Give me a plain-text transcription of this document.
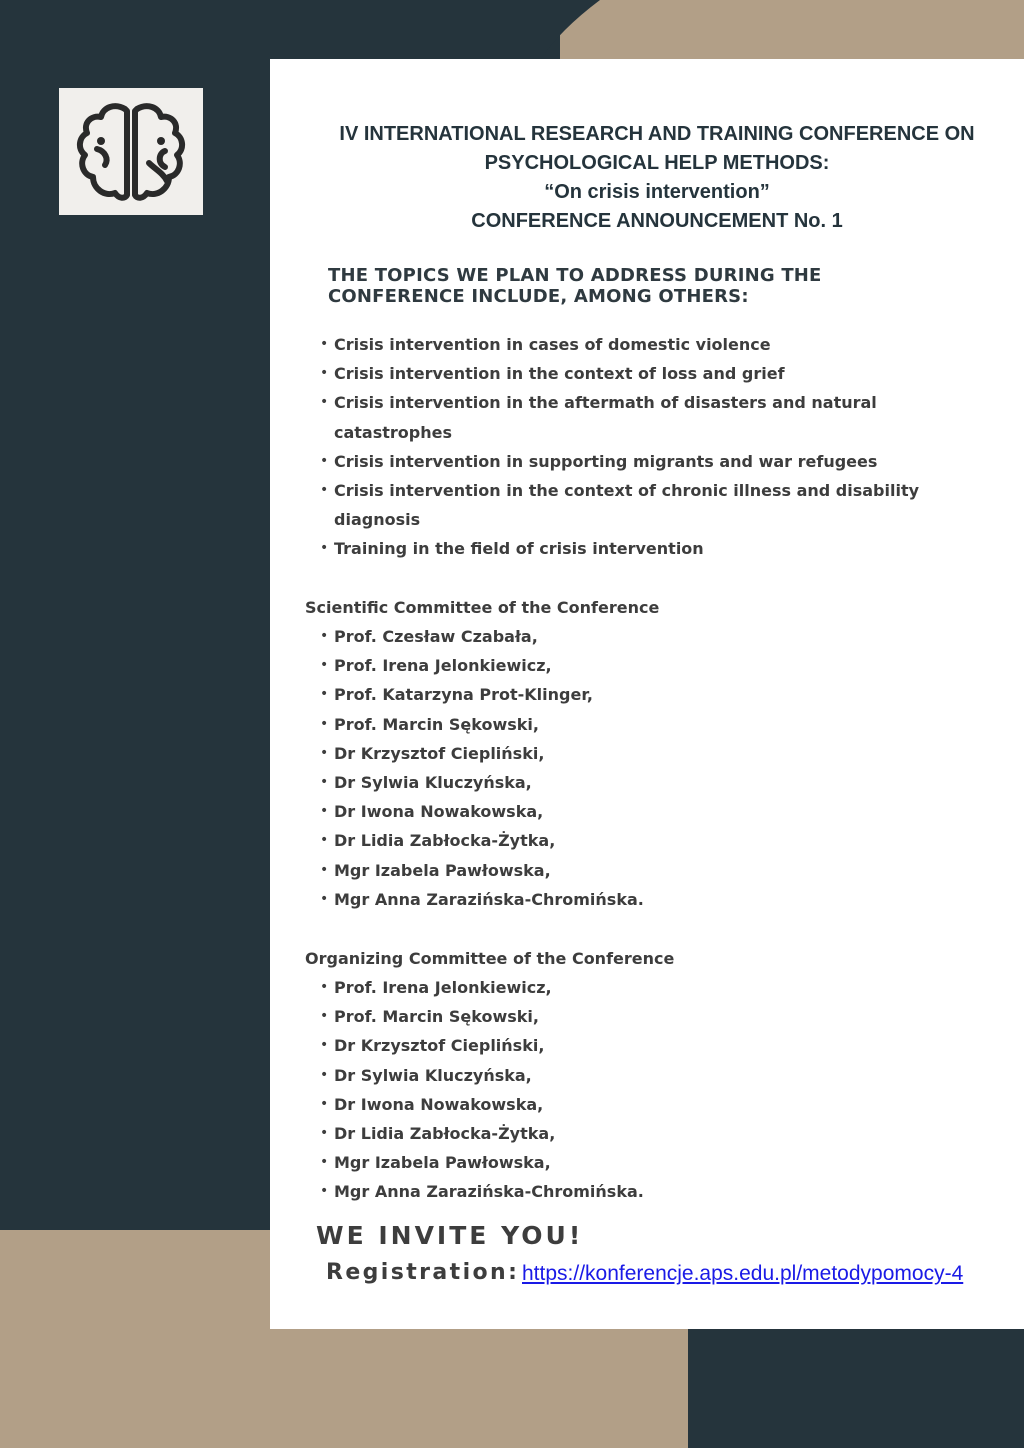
IV INTERNATIONAL RESEARCH AND TRAINING CONFERENCE ON
PSYCHOLOGICAL HELP METHODS:
“On crisis intervention”
CONFERENCE ANNOUNCEMENT No. 1
THE TOPICS WE PLAN TO ADDRESS DURING THE
CONFERENCE INCLUDE, AMONG OTHERS:
• Crisis intervention in cases of domestic violence
• Crisis intervention in the context of loss and grief
• Crisis intervention in the aftermath of disasters and natural
catastrophes
• Crisis intervention in supporting migrants and war refugees
• Crisis intervention in the context of chronic illness and disability
diagnosis
• Training in the field of crisis intervention
Scientific Committee of the Conference
• Prof. Czesław Czabała,
• Prof. Irena Jelonkiewicz,
• Prof. Katarzyna Prot-Klinger,
• Prof. Marcin Sękowski,
• Dr Krzysztof Ciepliński,
• Dr Sylwia Kluczyńska,
• Dr Iwona Nowakowska,
• Dr Lidia Zabłocka-Żytka,
• Mgr Izabela Pawłowska,
• Mgr Anna Zarazińska-Chromińska.
Organizing Committee of the Conference
• Prof. Irena Jelonkiewicz,
• Prof. Marcin Sękowski,
• Dr Krzysztof Ciepliński,
• Dr Sylwia Kluczyńska,
• Dr Iwona Nowakowska,
• Dr Lidia Zabłocka-Żytka,
• Mgr Izabela Pawłowska,
• Mgr Anna Zarazińska-Chromińska.
WE INVITE YOU!
Registration: https://konferencje.aps.edu.pl/metodypomocy-4
